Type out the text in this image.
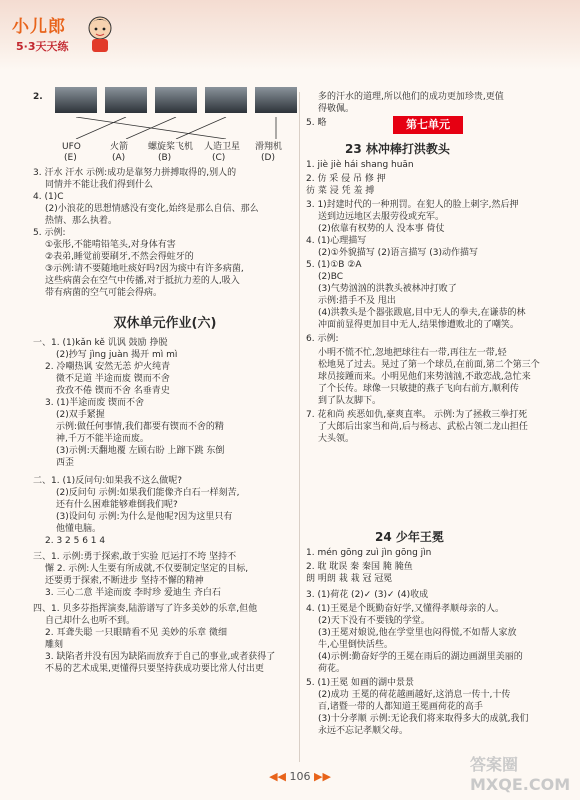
小儿郎
5·3天天练
2.
UFO	火箭 螺旋桨飞机 人造卫星 滑翔机
(E)	(A)	(B)	(C)	(D)
3. 汗水 汗水 示例:成功是靠努力拼搏取得的,别人的
同情并不能让我们得到什么
4. (1)C
(2)小浪花的思想情感没有变化,始终是那么自信、那么
热情、那么执着。
5. 示例:
①张彤,不能啃铅笔头,对身体有害
②表弟,睡觉前要刷牙,不然会得蛀牙的
③示例:请不要随地吐痰好吗?因为痰中有许多病菌,
这些病菌会在空气中传播,对于抵抗力差的人,吸入
带有病菌的空气可能会得病。
双休单元作业(六)
一、1. (1)kǎn kě 讥讽 鼓励 挣脱
(2)抄写 jìng juàn 揭开 mì mì
2. 冷嘲热讽 安然无恙 炉火纯青
微不足道 半途而废 锲而不舍
孜孜不倦 锲而不舍 名垂青史
3. (1)半途而废 锲而不舍
(2)双手紧握
示例:做任何事情,我们都要有锲而不舍的精
神,千万不能半途而废。
(3)示例:天翻地覆 左顾右盼 上蹿下跳 东倒
西歪
二、1. (1)反问句:如果我不这么做呢?
(2)反问句 示例:如果我们能像齐白石一样刻苦,
还有什么困难能够难倒我们呢?
(3)设问句 示例:为什么是他呢?因为这里只有
他懂电脑。
2. 3 2 5 6 1 4
三、1. 示例:勇于探索,敢于实验 厄运打不垮 坚持不
懈 2. 示例:人生要有所成就,不仅要制定坚定的目标,
还要勇于探索,不断进步 坚持不懈的精神
3. 三心二意 半途而废 李时珍 爱迪生 齐白石
四、1. 贝多芬指挥演奏,陆游谱写了许多美妙的乐章,但他
自己却什么也听不到。
2. 耳聋失聪 一只眼睛看不见 美妙的乐章 微细
雕刻
3. 缺陷者并没有因为缺陷而放弃于自己的事业,或者获得了
不易的艺术成果,更懂得只要坚持获成功要比常人付出更
多的汗水的道理,所以他们的成功更加珍贵,更值
得敬佩。
5. 略	第七单元
23 林冲棒打洪教头
1. jiè jiè hái shang huān
2. 仿 采 侵 吊 修 押
彷 菜 浸 凭 羞 搏
3. 1)封建时代的一种刑罚。在犯人的脸上刺字,然后押
送到边远地区去服劳役或充军。
(2)依靠有权势的人 没本事 倚仗
4. (1)心理描写
(2)①外貌描写 (2)语言描写 (3)动作描写
5. (1)①B ②A
(2)BC
(3)气势汹汹的洪教头被林冲打败了
示例:措手不及 甩出
(4)洪教头是个器张跋扈,目中无人的拳夫,在谦恭的林
冲面前显得更加目中无人,结果惨遭败北的了嘲笑。
6. 示例:
小明不慌不忙,忽地把球往右一带,再往左一带,轻
松地晃了过去。晃过了第一个球员,在前面,第二个第三个
球员接踵而来。小明见他们来势汹汹,不敢恋战,急忙来
了个长传。球像一只敏捷的燕子飞向右前方,顺利传
到了队友脚下。
7. 花和尚 疾恶如仇,豪爽直率。 示例:为了拯救三拳打死
了大郎后出家当和尚,后与杨志、武松占领二龙山担任
大头领。
24 少年王冕
1. mén gōng zuì jìn gōng jìn
2. 耽 耽误 秦 秦国 腌 腌鱼
朗 明朗 栽 栽 冠 冠冕
3. (1)荷花 (2)✓ (3)✓ (4)收成
4. (1)王冕是个既勤奋好学,又懂得孝顺母亲的人。
(2)天下没有不要钱的学堂。
(3)王冕对娘说,他在学堂里也闷得慌,不如帮人家放
牛,心里倒快活些。
(4)示例:勤奋好学的王冕在雨后的湖边画湖里美丽的
荷花。
5. (1)王冕 如画的湖中景景
(2)成功 王冕的荷花越画越好,这消息一传十,十传
百,诸暨一带的人都知道王冕画荷花的高手
(3)十分孝顺 示例:无论我们将来取得多大的成就,我们
永远不忘记孝顺父母。
◀◀ 106 ▶▶
答案圈 MXQE.COM
